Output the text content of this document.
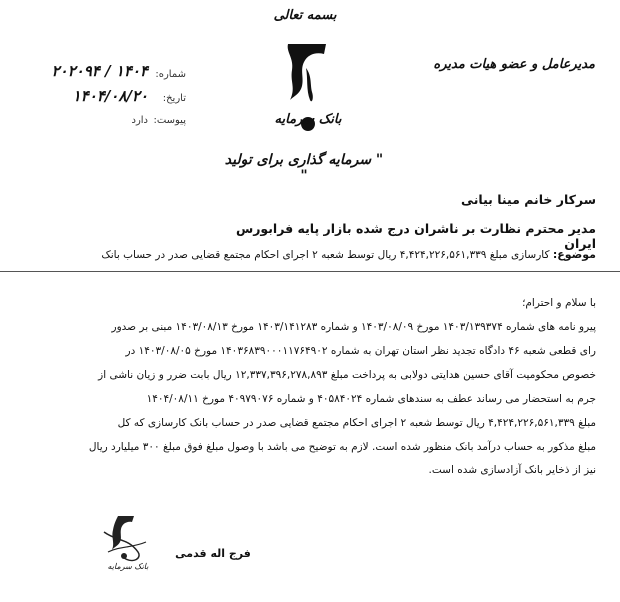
بسمه تعالی
بانک سرمایه
" سرمایه گذاری برای تولید "
مدیرعامل و عضو هیات مدیره
شماره:
۱۴۰۴ / ۲۰۲۰۹۴
تاریخ:
۱۴۰۴/۰۸/۲۰
پیوست:
دارد
سرکار خانم مینا بیانی
مدیر محترم نظارت بر ناشران درج شده بازار پایه فرابورس ایران
موضوع: کارسازی مبلغ ۴,۴۲۴,۲۲۶,۵۶۱,۳۳۹ ریال توسط شعبه ۲ اجرای احکام مجتمع قضایی صدر در حساب بانک
با سلام و احترام؛
پیرو نامه های شماره ۱۴۰۳/۱۳۹۳۷۴ مورخ ۱۴۰۳/۰۸/۰۹ و شماره ۱۴۰۳/۱۴۱۲۸۳ مورخ ۱۴۰۳/۰۸/۱۳ مبنی بر صدور
رای قطعی شعبه ۴۶ دادگاه تجدید نظر استان تهران به شماره ۱۴۰۳۶۸۳۹۰۰۰۱۱۷۶۴۹۰۲ مورخ ۱۴۰۳/۰۸/۰۵ در
خصوص محکومیت آقای حسین هدایتی دولابی به پرداخت مبلغ ۱۲,۳۳۷,۳۹۶,۲۷۸,۸۹۳ ریال بابت ضرر و زیان ناشی از
جرم به استحضار می رساند عطف به سندهای شماره ۴۰۵۸۴۰۲۴ و شماره ۴۰۹۷۹۰۷۶ مورخ ۱۴۰۴/۰۸/۱۱
مبلغ ۴,۴۲۴,۲۲۶,۵۶۱,۳۳۹ ریال توسط شعبه ۲ اجرای احکام مجتمع قضایی صدر در حساب بانک کارسازی که کل
مبلغ مذکور به حساب درآمد بانک منظور شده است. لازم به توضیح می باشد با وصول مبلغ فوق مبلغ ۳۰۰ میلیارد ریال
نیز از ذخایر بانک آزادسازی شده است.
بانک سرمایه
فرج اله قدمی
